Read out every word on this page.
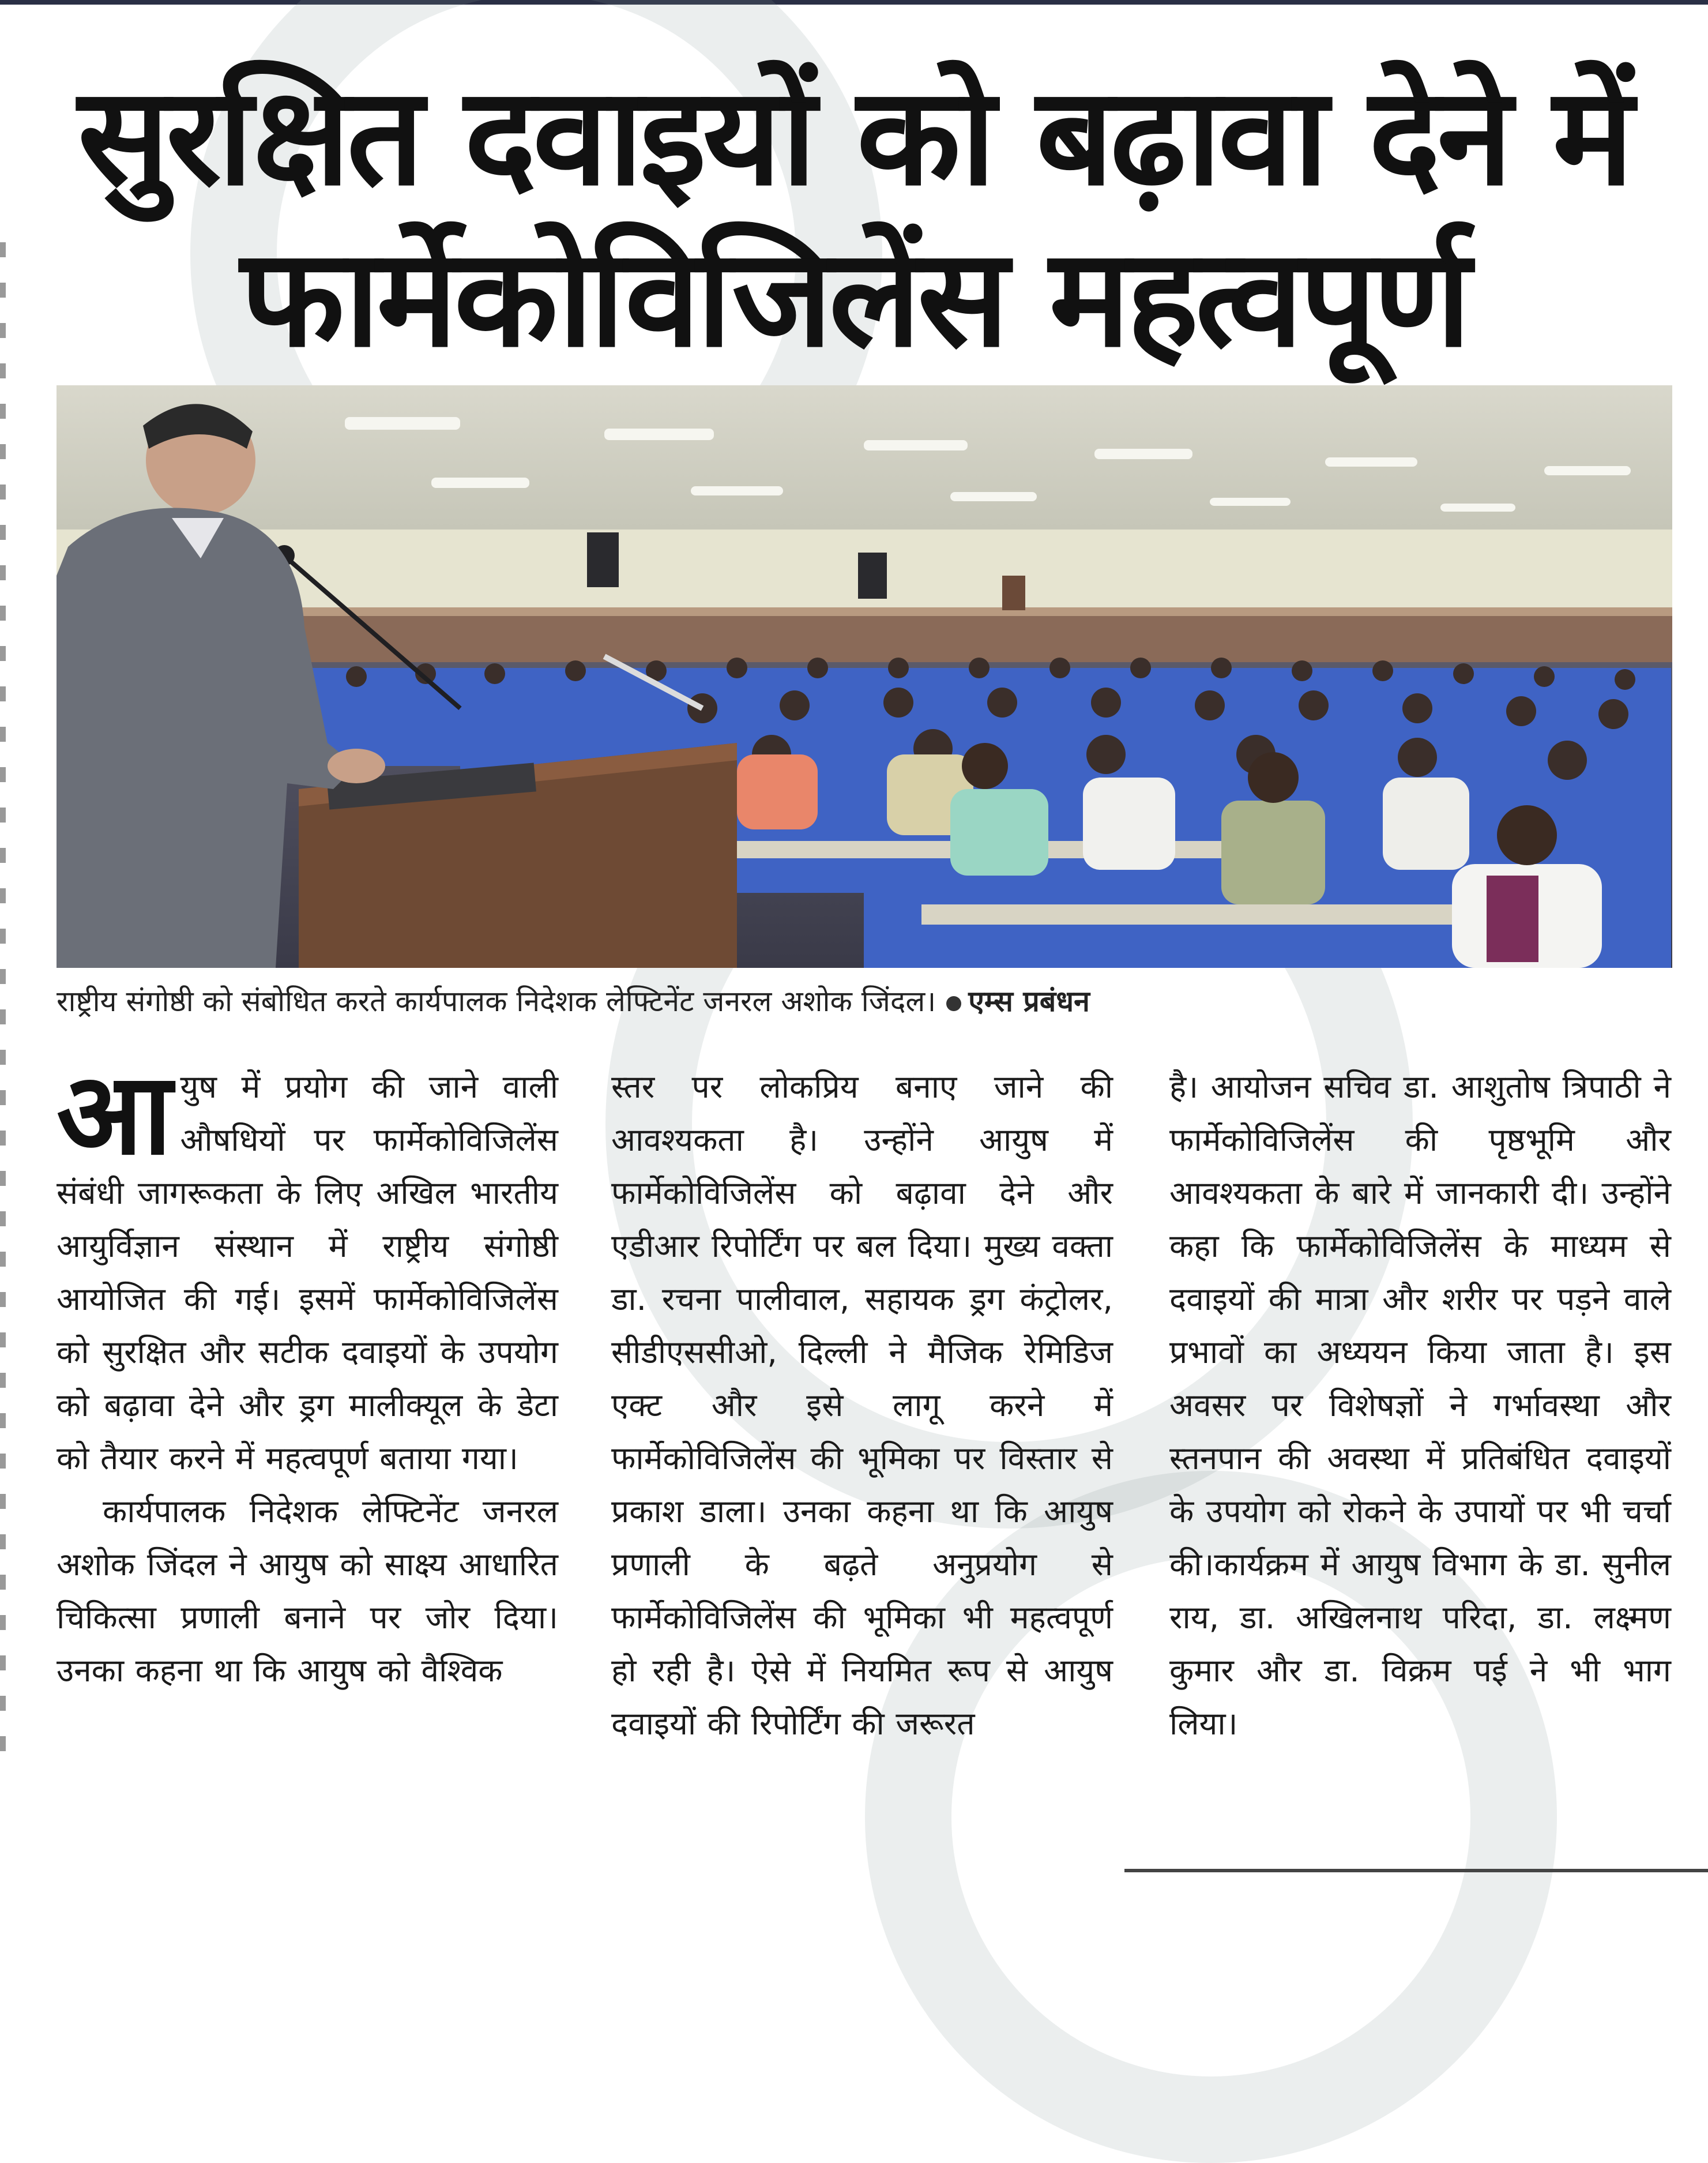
सुरक्षित दवाइयों को बढ़ावा देने में
फार्मेकोविजिलेंस महत्वपूर्ण
राष्ट्रीय संगोष्ठी को संबोधित करते कार्यपालक निदेशक लेफ्टिनेंट जनरल अशोक जिंदल। एम्स प्रबंधन

आयुष में प्रयोग की जाने वाली औषधियों पर फार्मेकोविजिलेंस संबंधी जागरूकता के लिए अखिल भारतीय आयुर्विज्ञान संस्थान में राष्ट्रीय संगोष्ठी आयोजित की गई। इसमें फार्मेकोविजिलेंस को सुरक्षित और सटीक दवाइयों के उपयोग को बढ़ावा देने और ड्रग मालीक्यूल के डेटा को तैयार करने में महत्वपूर्ण बताया गया।

कार्यपालक निदेशक लेफ्टिनेंट जनरल अशोक जिंदल ने आयुष को साक्ष्य आधारित चिकित्सा प्रणाली बनाने पर जोर दिया। उनका कहना था कि आयुष को वैश्विक

स्तर पर लोकप्रिय बनाए जाने की आवश्यकता है। उन्होंने आयुष में फार्मेकोविजिलेंस को बढ़ावा देने और एडीआर रिपोर्टिंग पर बल दिया। मुख्य वक्ता डा. रचना पालीवाल, सहायक ड्रग कंट्रोलर, सीडीएससीओ, दिल्ली ने मैजिक रेमिडिज एक्ट और इसे लागू करने में फार्मेकोविजिलेंस की भूमिका पर विस्तार से प्रकाश डाला। उनका कहना था कि आयुष प्रणाली के बढ़ते अनुप्रयोग से फार्मेकोविजिलेंस की भूमिका भी महत्वपूर्ण हो रही है। ऐसे में नियमित रूप से आयुष दवाइयों की रिपोर्टिंग की जरूरत

है। आयोजन सचिव डा. आशुतोष त्रिपाठी ने फार्मेकोविजिलेंस की पृष्ठभूमि और आवश्यकता के बारे में जानकारी दी। उन्होंने कहा कि फार्मेकोविजिलेंस के माध्यम से दवाइयों की मात्रा और शरीर पर पड़ने वाले प्रभावों का अध्ययन किया जाता है। इस अवसर पर विशेषज्ञों ने गर्भावस्था और स्तनपान की अवस्था में प्रतिबंधित दवाइयों के उपयोग को रोकने के उपायों पर भी चर्चा की।कार्यक्रम में आयुष विभाग के डा. सुनील राय, डा. अखिलनाथ परिदा, डा. लक्ष्मण कुमार और डा. विक्रम पई ने भी भाग लिया।
